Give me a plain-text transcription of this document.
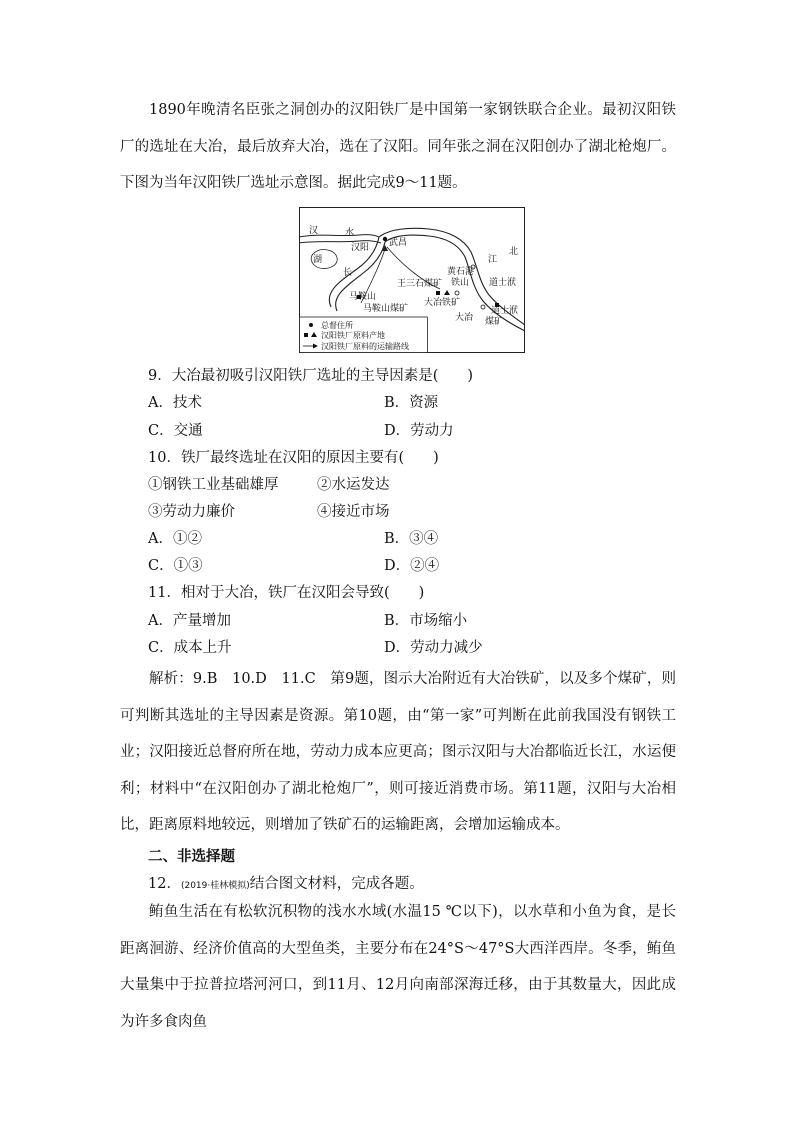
1890年晚清名臣张之洞创办的汉阳铁厂是中国第一家钢铁联合企业。最初汉阳铁厂的选址在大冶，最后放弃大冶，选在了汉阳。同年张之洞在汉阳创办了湖北枪炮厂。下图为当年汉阳铁厂选址示意图。据此完成9～11题。

汉	水
湖
汉阳 武昌
北
江
长	黄石港
铁山
王三石煤矿	道士洑
大冶铁矿
大冶
道士洑
煤矿
马鞍山
马鞍山煤矿
总督住所
汉阳铁厂原料产地
汉阳铁厂原料的运输路线

9．大冶最初吸引汉阳铁厂选址的主导因素是(　　)

A．技术	B．资源

C．交通	D．劳动力

10．铁厂最终选址在汉阳的原因主要有(　　)

①钢铁工业基础雄厚	②水运发达

③劳动力廉价	④接近市场

A．①②	B．③④

C．①③	D．②④

11．相对于大冶，铁厂在汉阳会导致(　　)

A．产量增加	B．市场缩小

C．成本上升	D．劳动力减少

解析：9.B　10.D　11.C　第9题，图示大冶附近有大冶铁矿，以及多个煤矿，则可判断其选址的主导因素是资源。第10题，由“第一家”可判断在此前我国没有钢铁工业；汉阳接近总督府所在地，劳动力成本应更高；图示汉阳与大冶都临近长江，水运便利；材料中“在汉阳创办了湖北枪炮厂”，则可接近消费市场。第11题，汉阳与大冶相比，距离原料地较远，则增加了铁矿石的运输距离，会增加运输成本。

二、非选择题

12．(2019·桂林模拟)结合图文材料，完成各题。

鲔鱼生活在有松软沉积物的浅水水域(水温15 ℃以下)，以水草和小鱼为食，是长距离洄游、经济价值高的大型鱼类，主要分布在24°S～47°S大西洋西岸。冬季，鲔鱼大量集中于拉普拉塔河河口，到11月、12月向南部深海迁移，由于其数量大，因此成为许多食肉鱼
